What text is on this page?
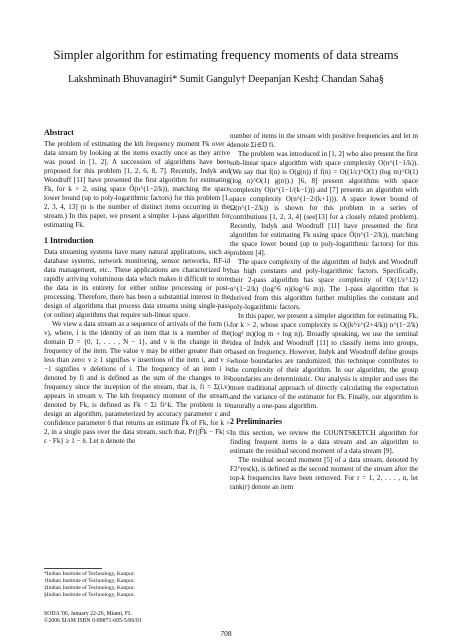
Simpler algorithm for estimating frequency moments of data streams
Lakshminath Bhuvanagiri* Sumit Ganguly† Deepanjan Kesh‡ Chandan Saha§
Abstract

The problem of estimating the kth frequency moment Fk over a data stream by looking at the items exactly once as they arrive was posed in [1, 2]. A succession of algorithms have been proposed for this problem [1, 2, 6, 8, 7]. Recently, Indyk and Woodruff [11] have presented the first algorithm for estimating Fk, for k > 2, using space Õ(n^(1−2/k)), matching the space lower bound (up to poly-logarithmic factors) for this problem [1, 2, 3, 4, 13] (n is the number of distinct items occurring in the stream.) In this paper, we present a simpler 1-pass algorithm for estimating Fk.

1 Introduction

Data streaming systems have many natural applications, such as database systems, network monitoring, sensor networks, RF-id data management, etc.. These applications are characterized by rapidly arriving voluminous data which makes it difficult to store the data in its entirety for either online processing or post-processing. Therefore, there has been a substantial interest in the design of algorithms that process data streams using single-pass (or online) algorithms that require sub-linear space.

We view a data stream as a sequence of arrivals of the form (i, v), where, i is the identity of an item that is a member of the domain D = {0, 1, . . . , N − 1}, and v is the change in the frequency of the item. The value v may be either greater than or less than zero: v ≥ 1 signifies v insertions of the item i, and v ≤ −1 signifies v deletions of i. The frequency of an item i is denoted by fi and is defined as the sum of the changes to its frequency since the inception of the stream, that is, fi = Σ(i,v) appears in stream v. The kth frequency moment of the stream, denoted by Fk, is defined as Fk = Σi fi^k. The problem is to design an algorithm, parameterized by accuracy parameter ε and confidence parameter δ that returns an estimate F̂k of Fk, for k > 2, in a single pass over the data stream, such that, Pr{|F̂k − Fk| ≤ ε · Fk} ≥ 1 − δ. Let n denote the

*Indian Institute of Technology, Kanpur.
†Indian Institute of Technology, Kanpur.
‡Indian Institute of Technology, Kanpur.
§Indian Institute of Technology, Kanpur.
SODA '06, January 22-26, Miami, FL
©2006 SIAM ISBN 0-89871-605-5/06/01

number of items in the stream with positive frequencies and let m denote Σi∈D fi.

The problem was introduced in [1, 2] who also present the first sub-linear space algorithm with space complexity O(n^(1−1/k)). (We say that f(n) is O(g(n)) if f(n) = O((1/ε)^O(1) (log m)^O(1) (log n)^O(1) g(n)).) [6, 8] present algorithms with space complexity O(n^(1−1/(k−1))) and [7] presents an algorithm with space complexity O(n^(1−2/(k+1))). A space lower bound of Ω(n^(1−2/k)) is shown for this problem in a series of contributions [1, 2, 3, 4] (see[13] for a closely related problem). Recently, Indyk and Woodruff [11] have presented the first algorithm for estimating Fk using space Õ(n^(1−2/k)), matching the space lower bound (up to poly-logarithmic factors) for this problem [4].

The space complexity of the algorithm of Indyk and Woodruff has high constants and poly-logarithmic factors. Specifically, their 2-pass algorithm has space complexity of O((1/ε^12) n^(1−2/k) (log^6 n)(log^6 m)). The 1-pass algorithm that is derived from this algorithm further multiplies the constant and poly-logarithmic factors.

In this paper, we present a simpler algorithm for estimating Fk, for k > 2, whose space complexity is O((k²/ε^(2+4/k)) n^(1−2/k) (log² m)(log m + log n)). Broadly speaking, we use the seminal idea of Indyk and Woodruff [11] to classify items into groups, based on frequency. However, Indyk and Woodruff define groups whose boundaries are randomized; this technique contributes to the complexity of their algorithm. In our algorithm, the group boundaries are deterministic. Our analysis is simpler and uses the more traditional approach of directly calculating the expectation and the variance of the estimator for Fk. Finally, our algorithm is naturally a one-pass algorithm.

2 Preliminaries

In this section, we review the COUNTSKETCH algorithm for finding frequent items in a data stream and an algorithm to estimate the residual second moment of a data stream [9].

The residual second moment [5] of a data stream, denoted by F2^res(k), is defined as the second moment of the stream after the top-k frequencies have been removed. For r = 1, 2, . . . , n, let rank(r) denote an item

708
